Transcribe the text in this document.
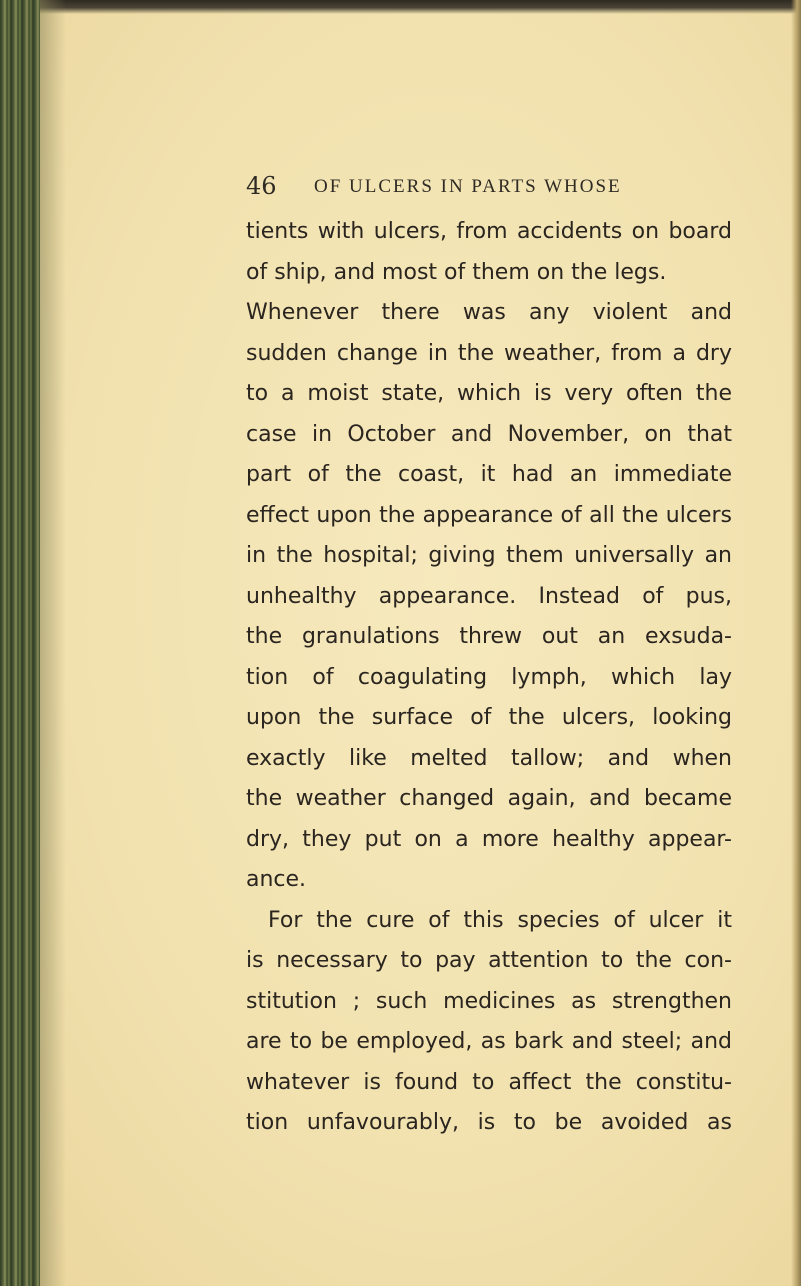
46 OF ULCERS IN PARTS WHOSE
tients with ulcers, from accidents on board
of ship, and most of them on the legs.
Whenever there was any violent and
sudden change in the weather, from a dry
to a moist state, which is very often the
case in October and November, on that
part of the coast, it had an immediate
effect upon the appearance of all the ulcers
in the hospital; giving them universally an
unhealthy appearance. Instead of pus,
the granulations threw out an exsuda-
tion of coagulating lymph, which lay
upon the surface of the ulcers, looking
exactly like melted tallow; and when
the weather changed again, and became
dry, they put on a more healthy appear-
ance.
For the cure of this species of ulcer it
is necessary to pay attention to the con-
stitution ; such medicines as strengthen
are to be employed, as bark and steel; and
whatever is found to affect the constitu-
tion unfavourably, is to be avoided as
